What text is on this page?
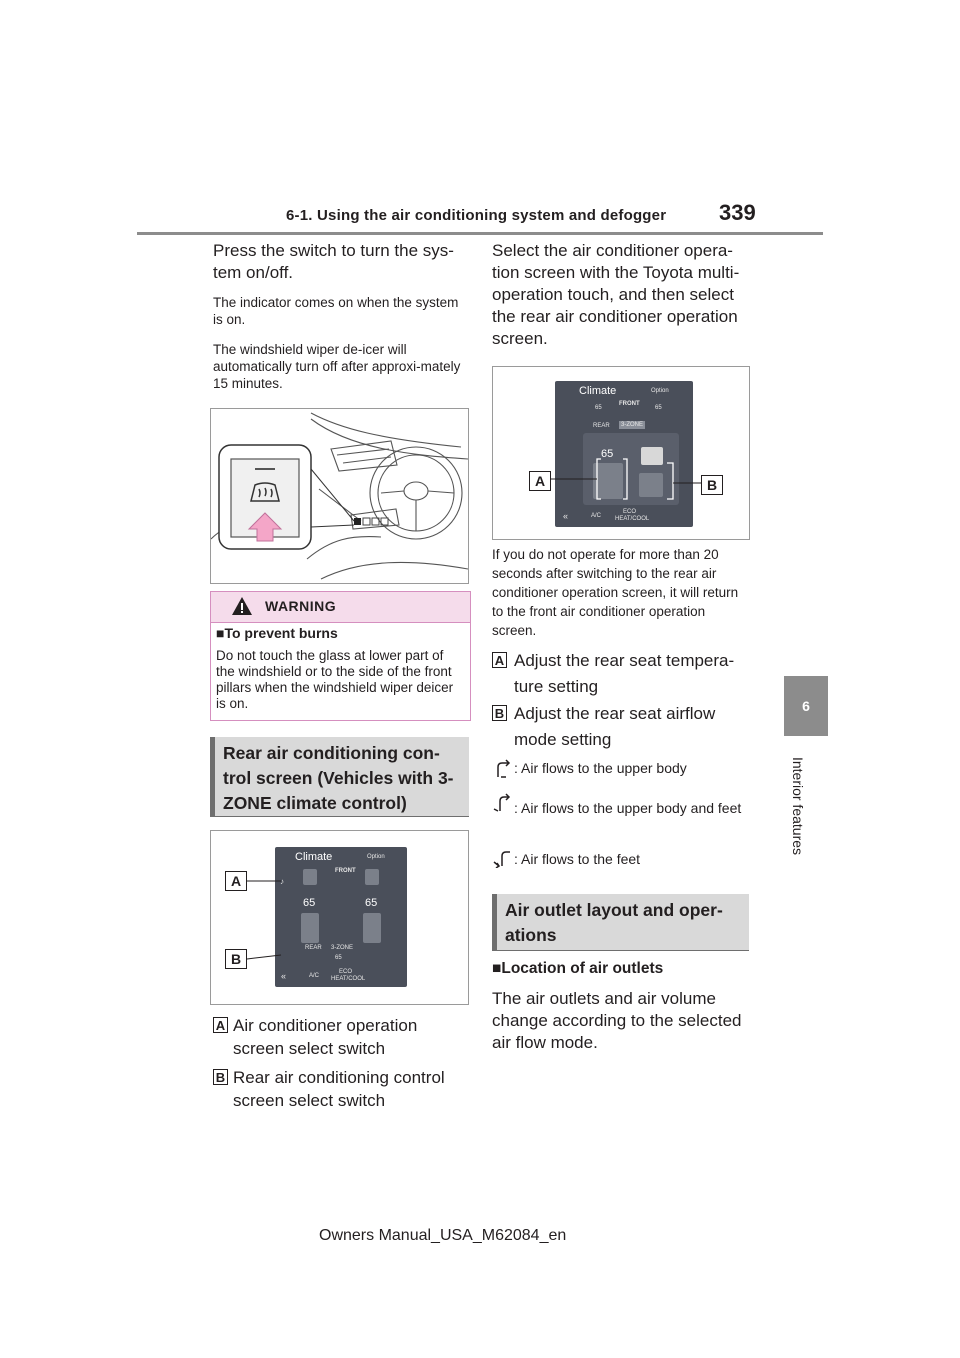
6-1. Using the air conditioning system and defogger 339
6
Interior features
Press the switch to turn the sys-tem on/off.
The indicator comes on when the system is on.
The windshield wiper de-icer will automatically turn off after approxi-mately 15 minutes.
WARNING
■To prevent burns
Do not touch the glass at lower part of the windshield or to the side of the front pillars when the windshield wiper deicer is on.
Rear air conditioning con-trol screen (Vehicles with 3-ZONE climate control)
Climate	Option
♪
FRONT
65	65
REAR 3-ZONE
65
«	A/C
ECO
HEAT/COOL
A
B
A Air conditioner operation screen select switch
B Rear air conditioning control screen select switch
Select the air conditioner opera-tion screen with the Toyota multi-operation touch, and then select the rear air conditioner operation screen.
Climate	Option
65
FRONT
65
REAR	3-ZONE
65
«	A/C
ECO
HEAT/COOL
A	B
If you do not operate for more than 20 seconds after switching to the rear air conditioner operation screen, it will return to the front air conditioner operation screen.
A Adjust the rear seat tempera-ture setting
B Adjust the rear seat airflow mode setting
: Air flows to the upper body
: Air flows to the upper body and feet
: Air flows to the feet
Air outlet layout and oper-ations
■Location of air outlets
The air outlets and air volume change according to the selected air flow mode.
Owners Manual_USA_M62084_en
